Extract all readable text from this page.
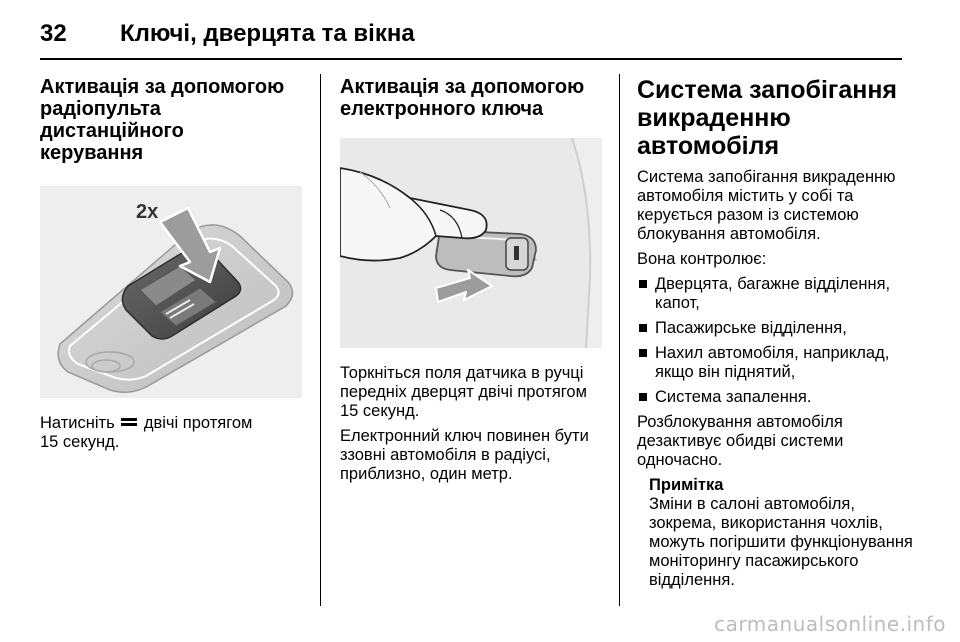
32 Ключі, дверцята та вікна
Активація за допомогою
радіопульта дистанційного
керування
2x
Натисніть  двічі протягом
15 секунд.
Активація за допомогою
електронного ключа
Торкніться поля датчика в ручці
передніх дверцят двічі протягом
15 секунд.
Електронний ключ повинен бути
ззовні автомобіля в радіусі,
приблизно, один метр.
Система запобігання
викраденню автомобіля
Система запобігання викраденню
автомобіля містить у собі та
керується разом із системою
блокування автомобіля.
Вона контролює:
Дверцята, багажне відділення,
капот,
Пасажирське відділення,
Нахил автомобіля, наприклад,
якщо він піднятий,
Система запалення.
Розблокування автомобіля
дезактивує обидві системи
одночасно.
Примітка
Зміни в салоні автомобіля,
зокрема, використання чохлів,
можуть погіршити функціонування
моніторингу пасажирського
відділення.
carmanualsonline.info
